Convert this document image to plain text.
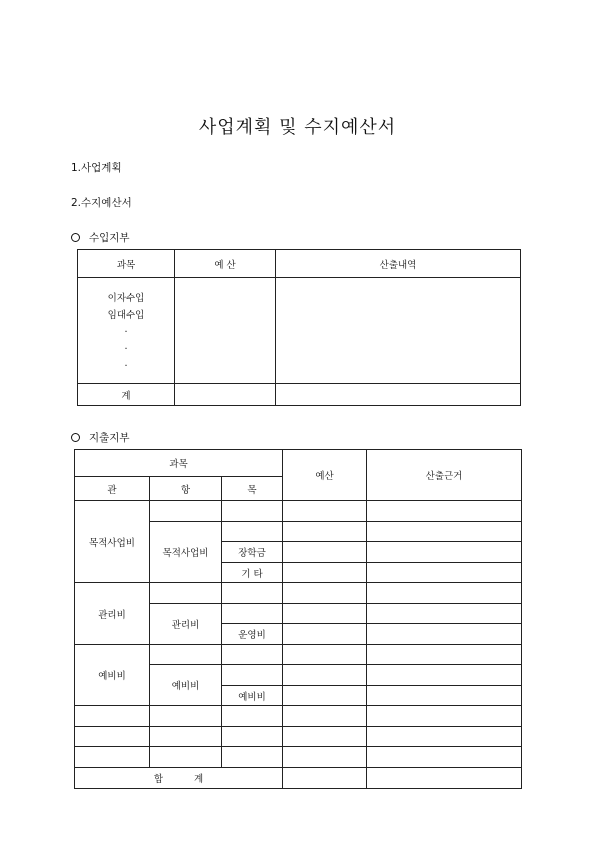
사업계획 및 수지예산서
1.사업계획
2.수지예산서
수입지부
과목	예 산	산출내역

이자수입
임대수입
·
·
·		

계		
지출지부
과목			예산	산출근거
관	항	목		
목적사업비				
	목적사업비			
		장학금		
		기 타		
관리비				
	관리비			
		운영비		
예비비				
	예비비			
		예비비		

합 계				
